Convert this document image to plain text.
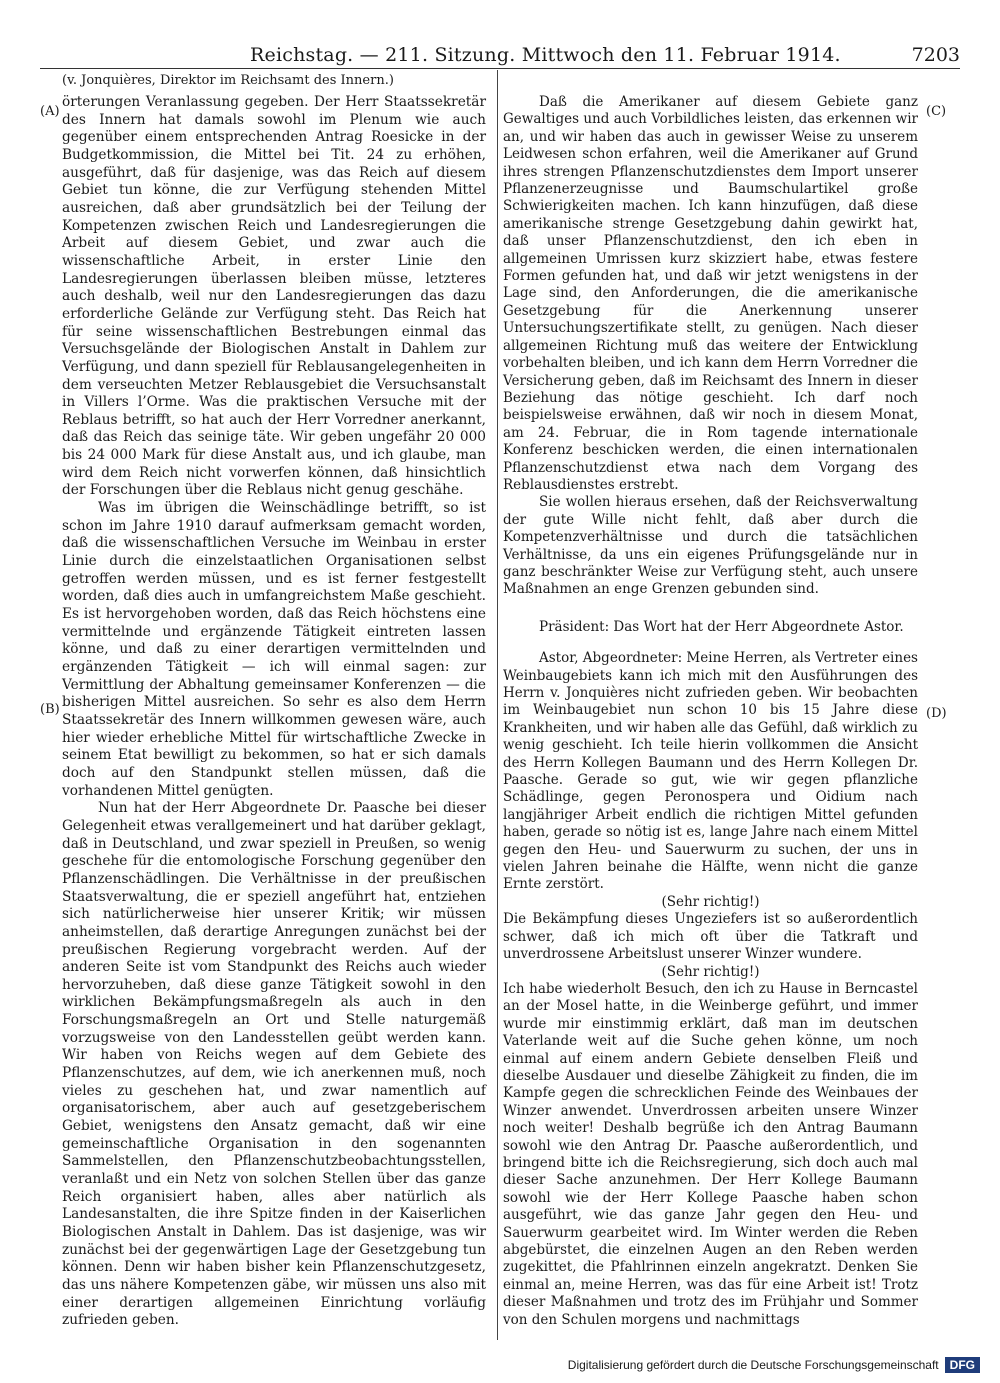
Reichstag. — 211. Sitzung. Mittwoch den 11. Februar 1914.	7203
(v. Jonquières, Direktor im Reichsamt des Innern.)
(A)
(B)
(C)
(D)

örterungen Veranlassung gegeben. Der Herr Staatssekretär des Innern hat damals sowohl im Plenum wie auch gegenüber einem entsprechenden Antrag Roesicke in der Budgetkommission, die Mittel bei Tit. 24 zu erhöhen, ausgeführt, daß für dasjenige, was das Reich auf diesem Gebiet tun könne, die zur Verfügung stehenden Mittel ausreichen, daß aber grundsätzlich bei der Teilung der Kompetenzen zwischen Reich und Landesregierungen die Arbeit auf diesem Gebiet, und zwar auch die wissenschaftliche Arbeit, in erster Linie den Landesregierungen überlassen bleiben müsse, letzteres auch deshalb, weil nur den Landesregierungen das dazu erforderliche Gelände zur Verfügung steht. Das Reich hat für seine wissenschaftlichen Bestrebungen einmal das Versuchsgelände der Biologischen Anstalt in Dahlem zur Verfügung, und dann speziell für Reblausangelegenheiten in dem verseuchten Metzer Reblausgebiet die Versuchsanstalt in Villers l’Orme. Was die praktischen Versuche mit der Reblaus betrifft, so hat auch der Herr Vorredner anerkannt, daß das Reich das seinige täte. Wir geben ungefähr 20 000 bis 24 000 Mark für diese Anstalt aus, und ich glaube, man wird dem Reich nicht vorwerfen können, daß hinsichtlich der Forschungen über die Reblaus nicht genug geschähe.

Was im übrigen die Weinschädlinge betrifft, so ist schon im Jahre 1910 darauf aufmerksam gemacht worden, daß die wissenschaftlichen Versuche im Weinbau in erster Linie durch die einzelstaatlichen Organisationen selbst getroffen werden müssen, und es ist ferner festgestellt worden, daß dies auch in umfangreichstem Maße geschieht. Es ist hervorgehoben worden, daß das Reich höchstens eine vermittelnde und ergänzende Tätigkeit eintreten lassen könne, und daß zu einer derartigen vermittelnden und ergänzenden Tätigkeit — ich will einmal sagen: zur Vermittlung der Abhaltung gemeinsamer Konferenzen — die bisherigen Mittel ausreichen. So sehr es also dem Herrn Staatssekretär des Innern willkommen gewesen wäre, auch hier wieder erhebliche Mittel für wirtschaftliche Zwecke in seinem Etat bewilligt zu bekommen, so hat er sich damals doch auf den Standpunkt stellen müssen, daß die vorhandenen Mittel genügten.

Nun hat der Herr Abgeordnete Dr. Paasche bei dieser Gelegenheit etwas verallgemeinert und hat darüber geklagt, daß in Deutschland, und zwar speziell in Preußen, so wenig geschehe für die entomologische Forschung gegenüber den Pflanzenschädlingen. Die Verhältnisse in der preußischen Staatsverwaltung, die er speziell angeführt hat, entziehen sich natürlicherweise hier unserer Kritik; wir müssen anheimstellen, daß derartige Anregungen zunächst bei der preußischen Regierung vorgebracht werden. Auf der anderen Seite ist vom Standpunkt des Reichs auch wieder hervorzuheben, daß diese ganze Tätigkeit sowohl in den wirklichen Bekämpfungsmaßregeln als auch in den Forschungsmaßregeln an Ort und Stelle naturgemäß vorzugsweise von den Landesstellen geübt werden kann. Wir haben von Reichs wegen auf dem Gebiete des Pflanzenschutzes, auf dem, wie ich anerkennen muß, noch vieles zu geschehen hat, und zwar namentlich auf organisatorischem, aber auch auf gesetzgeberischem Gebiet, wenigstens den Ansatz gemacht, daß wir eine gemeinschaftliche Organisation in den sogenannten Sammelstellen, den Pflanzenschutzbeobachtungsstellen, veranlaßt und ein Netz von solchen Stellen über das ganze Reich organisiert haben, alles aber natürlich als Landesanstalten, die ihre Spitze finden in der Kaiserlichen Biologischen Anstalt in Dahlem. Das ist dasjenige, was wir zunächst bei der gegenwärtigen Lage der Gesetzgebung tun können. Denn wir haben bisher kein Pflanzenschutzgesetz, das uns nähere Kompetenzen gäbe, wir müssen uns also mit einer derartigen allgemeinen Einrichtung vorläufig zufrieden geben.

Daß die Amerikaner auf diesem Gebiete ganz Gewaltiges und auch Vorbildliches leisten, das erkennen wir an, und wir haben das auch in gewisser Weise zu unserem Leidwesen schon erfahren, weil die Amerikaner auf Grund ihres strengen Pflanzenschutzdienstes dem Import unserer Pflanzenerzeugnisse und Baumschulartikel große Schwierigkeiten machen. Ich kann hinzufügen, daß diese amerikanische strenge Gesetzgebung dahin gewirkt hat, daß unser Pflanzenschutzdienst, den ich eben in allgemeinen Umrissen kurz skizziert habe, etwas festere Formen gefunden hat, und daß wir jetzt wenigstens in der Lage sind, den Anforderungen, die die amerikanische Gesetzgebung für die Anerkennung unserer Untersuchungszertifikate stellt, zu genügen. Nach dieser allgemeinen Richtung muß das weitere der Entwicklung vorbehalten bleiben, und ich kann dem Herrn Vorredner die Versicherung geben, daß im Reichsamt des Innern in dieser Beziehung das nötige geschieht. Ich darf noch beispielsweise erwähnen, daß wir noch in diesem Monat, am 24. Februar, die in Rom tagende internationale Konferenz beschicken werden, die einen internationalen Pflanzenschutzdienst etwa nach dem Vorgang des Reblausdienstes erstrebt.

Sie wollen hieraus ersehen, daß der Reichsverwaltung der gute Wille nicht fehlt, daß aber durch die Kompetenzverhältnisse und durch die tatsächlichen Verhältnisse, da uns ein eigenes Prüfungsgelände nur in ganz beschränkter Weise zur Verfügung steht, auch unsere Maßnahmen an enge Grenzen gebunden sind.

Präsident: Das Wort hat der Herr Abgeordnete Astor.

Astor, Abgeordneter: Meine Herren, als Vertreter eines Weinbaugebiets kann ich mich mit den Ausführungen des Herrn v. Jonquières nicht zufrieden geben. Wir beobachten im Weinbaugebiet nun schon 10 bis 15 Jahre diese Krankheiten, und wir haben alle das Gefühl, daß wirklich zu wenig geschieht. Ich teile hierin vollkommen die Ansicht des Herrn Kollegen Baumann und des Herrn Kollegen Dr. Paasche. Gerade so gut, wie wir gegen pflanzliche Schädlinge, gegen Peronospera und Oidium nach langjähriger Arbeit endlich die richtigen Mittel gefunden haben, gerade so nötig ist es, lange Jahre nach einem Mittel gegen den Heu- und Sauerwurm zu suchen, der uns in vielen Jahren beinahe die Hälfte, wenn nicht die ganze Ernte zerstört.

(Sehr richtig!)

Die Bekämpfung dieses Ungeziefers ist so außerordentlich schwer, daß ich mich oft über die Tatkraft und unverdrossene Arbeitslust unserer Winzer wundere.

(Sehr richtig!)

Ich habe wiederholt Besuch, den ich zu Hause in Berncastel an der Mosel hatte, in die Weinberge geführt, und immer wurde mir einstimmig erklärt, daß man im deutschen Vaterlande weit auf die Suche gehen könne, um noch einmal auf einem andern Gebiete denselben Fleiß und dieselbe Ausdauer und dieselbe Zähigkeit zu finden, die im Kampfe gegen die schrecklichen Feinde des Weinbaues der Winzer anwendet. Unverdrossen arbeiten unsere Winzer noch weiter! Deshalb begrüße ich den Antrag Baumann sowohl wie den Antrag Dr. Paasche außerordentlich, und bringend bitte ich die Reichsregierung, sich doch auch mal dieser Sache anzunehmen. Der Herr Kollege Baumann sowohl wie der Herr Kollege Paasche haben schon ausgeführt, wie das ganze Jahr gegen den Heu- und Sauerwurm gearbeitet wird. Im Winter werden die Reben abgebürstet, die einzelnen Augen an den Reben werden zugekittet, die Pfahlrinnen einzeln angekratzt. Denken Sie einmal an, meine Herren, was das für eine Arbeit ist! Trotz dieser Maßnahmen und trotz des im Frühjahr und Sommer von den Schulen morgens und nachmittags

Digitalisierung gefördert durch die Deutsche Forschungsgemeinschaft DFG
